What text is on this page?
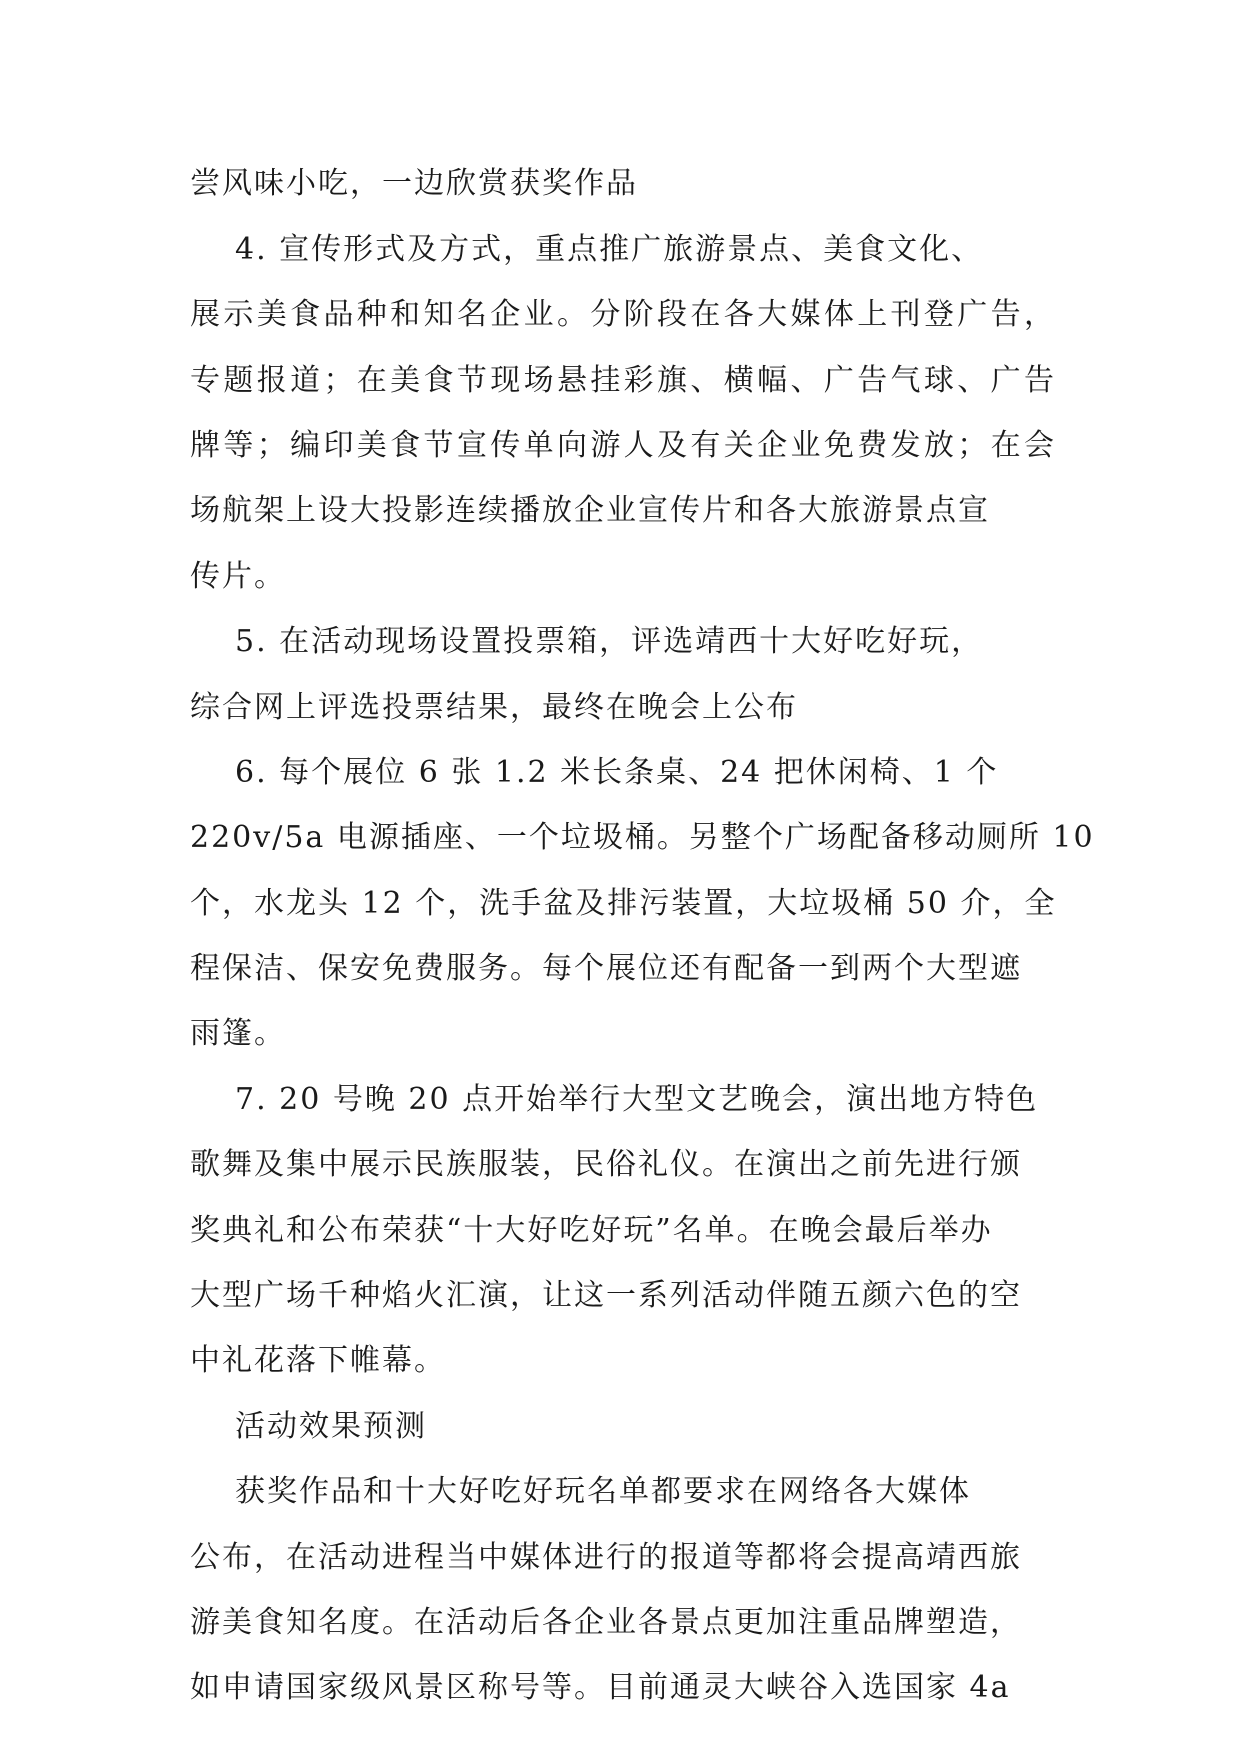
尝风味小吃，一边欣赏获奖作品
4. 宣传形式及方式，重点推广旅游景点、美食文化、
展示美食品种和知名企业。分阶段在各大媒体上刊登广告，
专题报道；在美食节现场悬挂彩旗、横幅、广告气球、广告
牌等；编印美食节宣传单向游人及有关企业免费发放；在会
场航架上设大投影连续播放企业宣传片和各大旅游景点宣
传片。
5. 在活动现场设置投票箱，评选靖西十大好吃好玩，
综合网上评选投票结果，最终在晚会上公布
6. 每个展位 6 张 1.2 米长条桌、24 把休闲椅、1 个
220v/5a 电源插座、一个垃圾桶。另整个广场配备移动厕所 10
个，水龙头 12 个，洗手盆及排污装置，大垃圾桶 50 介，全
程保洁、保安免费服务。每个展位还有配备一到两个大型遮
雨篷。
7. 20 号晚 20 点开始举行大型文艺晚会，演出地方特色
歌舞及集中展示民族服装，民俗礼仪。在演出之前先进行颁
奖典礼和公布荣获“十大好吃好玩”名单。在晚会最后举办
大型广场千种焰火汇演，让这一系列活动伴随五颜六色的空
中礼花落下帷幕。
活动效果预测
获奖作品和十大好吃好玩名单都要求在网络各大媒体
公布，在活动进程当中媒体进行的报道等都将会提高靖西旅
游美食知名度。在活动后各企业各景点更加注重品牌塑造，
如申请国家级风景区称号等。目前通灵大峡谷入选国家 4a
